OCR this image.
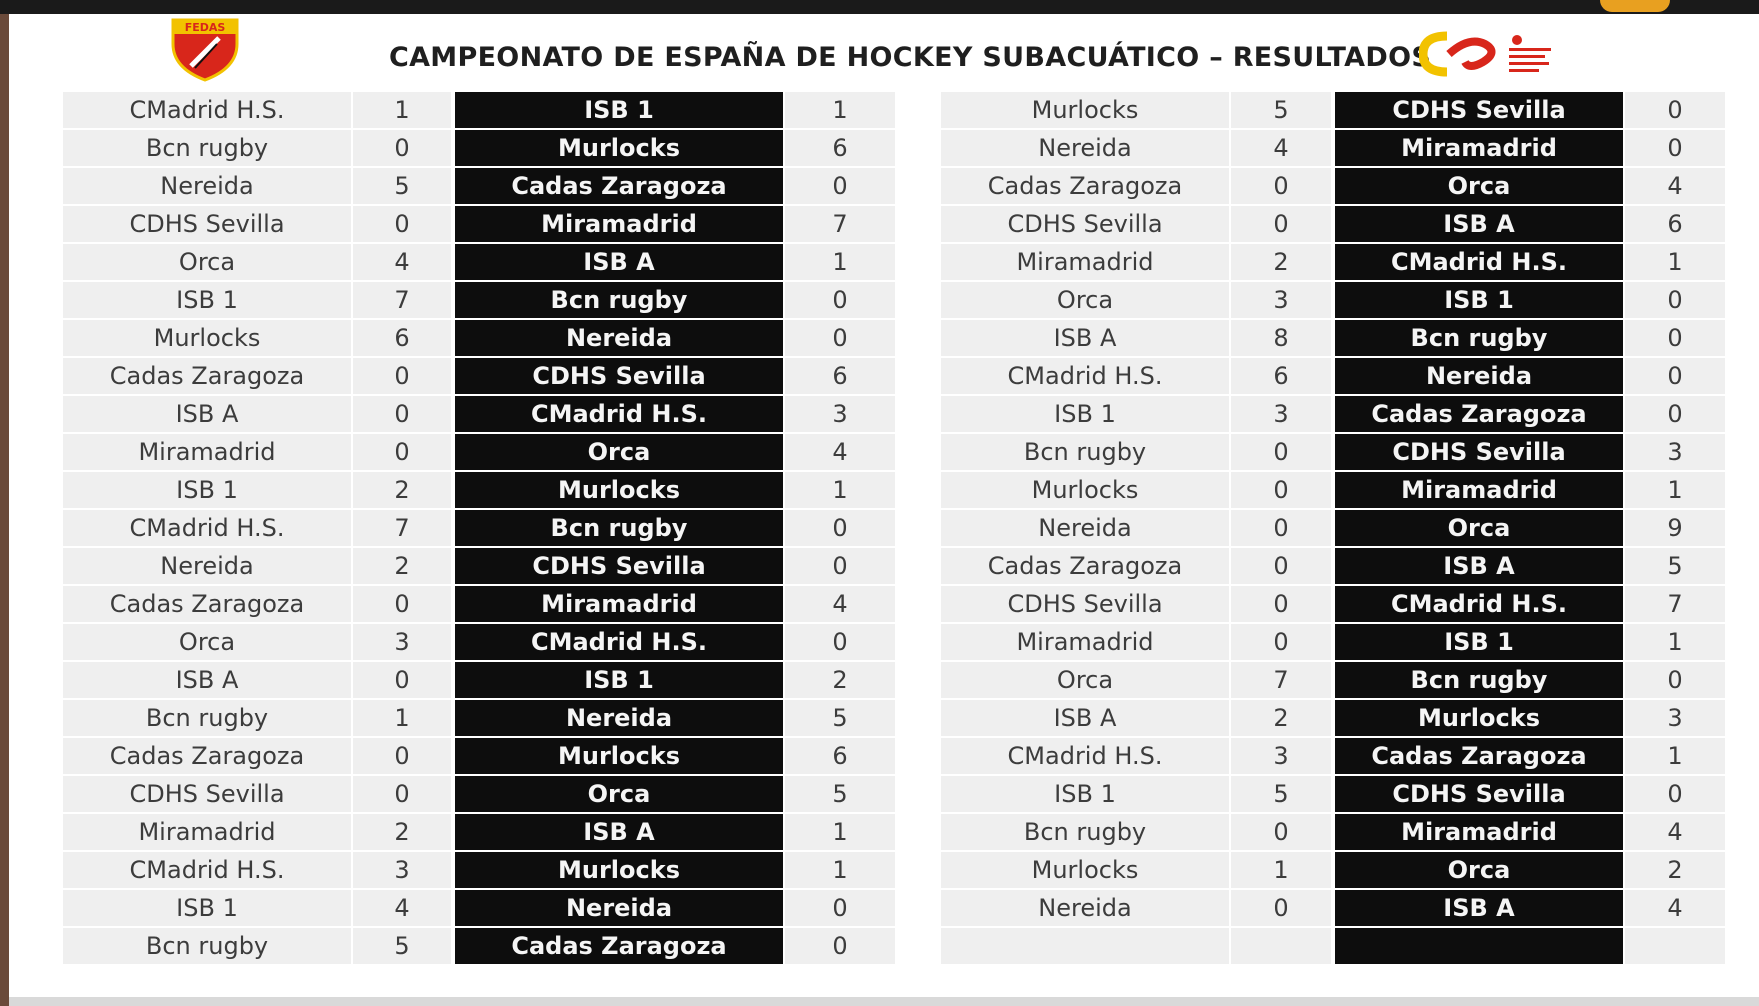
FEDAS
CAMPEONATO DE ESPAÑA DE HOCKEY SUBACUÁTICO – RESULTADOS
CMadrid H.S.	1	ISB 1	1
Bcn rugby	0	Murlocks	6
Nereida	5	Cadas Zaragoza	0
CDHS Sevilla	0	Miramadrid	7
Orca	4	ISB A	1
ISB 1	7	Bcn rugby	0
Murlocks	6	Nereida	0
Cadas Zaragoza	0	CDHS Sevilla	6
ISB A	0	CMadrid H.S.	3
Miramadrid	0	Orca	4
ISB 1	2	Murlocks	1
CMadrid H.S.	7	Bcn rugby	0
Nereida	2	CDHS Sevilla	0
Cadas Zaragoza	0	Miramadrid	4
Orca	3	CMadrid H.S.	0
ISB A	0	ISB 1	2
Bcn rugby	1	Nereida	5
Cadas Zaragoza	0	Murlocks	6
CDHS Sevilla	0	Orca	5
Miramadrid	2	ISB A	1
CMadrid H.S.	3	Murlocks	1
ISB 1	4	Nereida	0
Bcn rugby	5	Cadas Zaragoza	0
Murlocks	5	CDHS Sevilla	0
Nereida	4	Miramadrid	0
Cadas Zaragoza	0	Orca	4
CDHS Sevilla	0	ISB A	6
Miramadrid	2	CMadrid H.S.	1
Orca	3	ISB 1	0
ISB A	8	Bcn rugby	0
CMadrid H.S.	6	Nereida	0
ISB 1	3	Cadas Zaragoza	0
Bcn rugby	0	CDHS Sevilla	3
Murlocks	0	Miramadrid	1
Nereida	0	Orca	9
Cadas Zaragoza	0	ISB A	5
CDHS Sevilla	0	CMadrid H.S.	7
Miramadrid	0	ISB 1	1
Orca	7	Bcn rugby	0
ISB A	2	Murlocks	3
CMadrid H.S.	3	Cadas Zaragoza	1
ISB 1	5	CDHS Sevilla	0
Bcn rugby	0	Miramadrid	4
Murlocks	1	Orca	2
Nereida	0	ISB A	4
